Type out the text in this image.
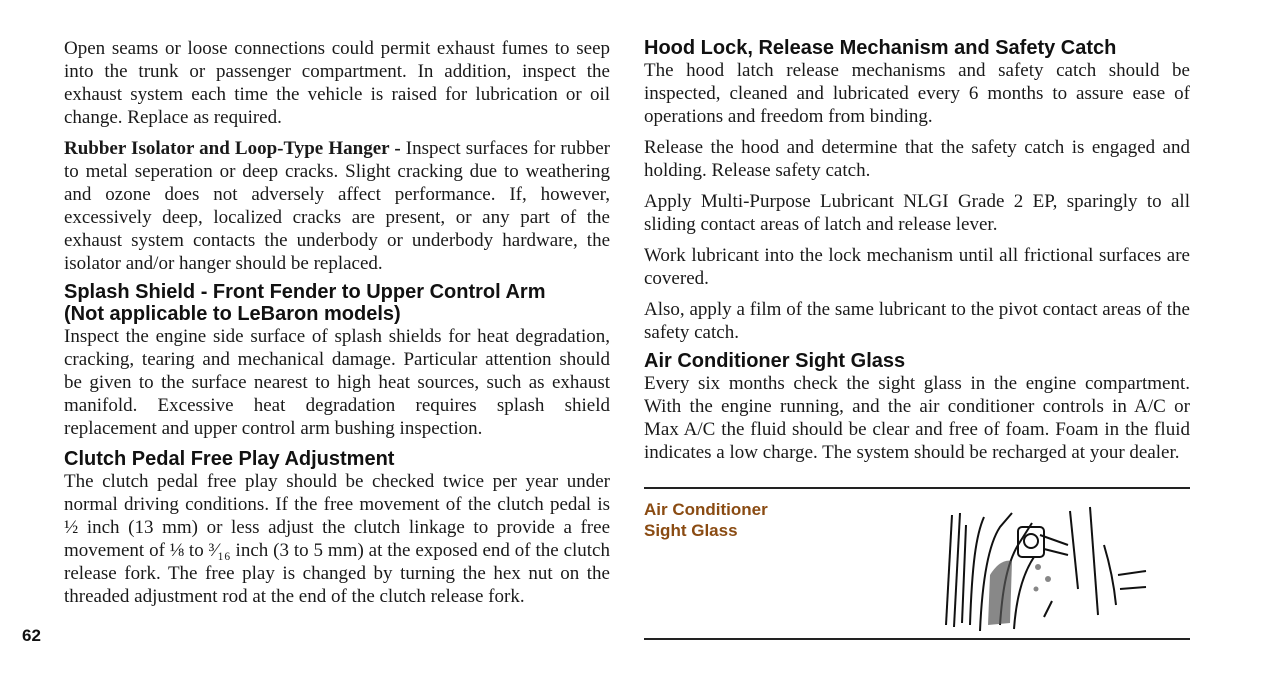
Open seams or loose connections could permit exhaust fumes to seep into the trunk or passenger compartment. In addition, inspect the exhaust system each time the vehicle is raised for lubrication or oil change. Replace as required.

Rubber Isolator and Loop-Type Hanger - Inspect surfaces for rubber to metal seperation or deep cracks. Slight cracking due to weathering and ozone does not adversely affect performance. If, however, excessively deep, localized cracks are present, or any part of the exhaust system contacts the underbody or underbody hardware, the isolator and/or hanger should be replaced.

Splash Shield - Front Fender to Upper Control Arm
(Not applicable to LeBaron models)

Inspect the engine side surface of splash shields for heat degradation, cracking, tearing and mechanical damage. Particular attention should be given to the surface nearest to high heat sources, such as exhaust manifold. Excessive heat degradation requires splash shield replacement and upper control arm bushing inspection.

Clutch Pedal Free Play Adjustment

The clutch pedal free play should be checked twice per year under normal driving conditions. If the free movement of the clutch pedal is ½ inch (13 mm) or less adjust the clutch linkage to provide a free movement of ⅛ to ³⁄₁₆ inch (3 to 5 mm) at the exposed end of the clutch release fork. The free play is changed by turning the hex nut on the threaded adjustment rod at the end of the clutch release fork.

Hood Lock, Release Mechanism and Safety Catch

The hood latch release mechanisms and safety catch should be inspected, cleaned and lubricated every 6 months to assure ease of operations and freedom from binding.

Release the hood and determine that the safety catch is engaged and holding. Release safety catch.

Apply Multi-Purpose Lubricant NLGI Grade 2 EP, sparingly to all sliding contact areas of latch and release lever.

Work lubricant into the lock mechanism until all frictional surfaces are covered.

Also, apply a film of the same lubricant to the pivot contact areas of the safety catch.

Air Conditioner Sight Glass

Every six months check the sight glass in the engine compartment. With the engine running, and the air conditioner controls in A/C or Max A/C the fluid should be clear and free of foam. Foam in the fluid indicates a low charge. The system should be recharged at your dealer.

Air Conditioner
Sight Glass
62
